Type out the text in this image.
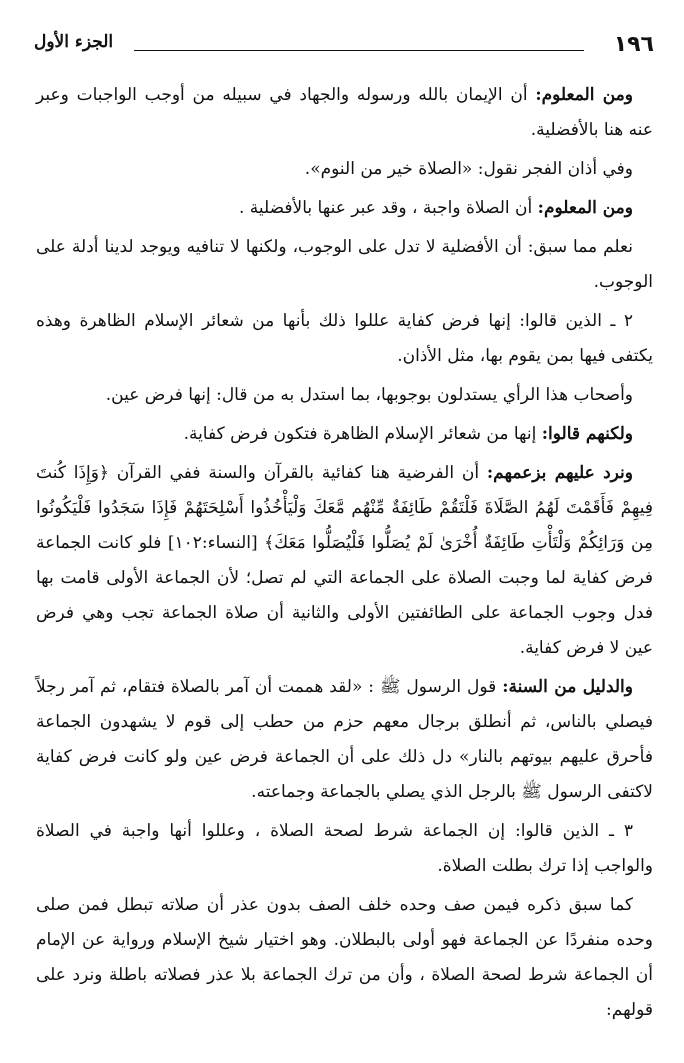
١٩٦
الجزء الأول

ومن المعلوم: أن الإيمان بالله ورسوله والجهاد في سبيله من أوجب الواجبات وعبر عنه هنا بالأفضلية.

وفي أذان الفجر نقول: «الصلاة خير من النوم».

ومن المعلوم: أن الصلاة واجبة ، وقد عبر عنها بالأفضلية .

نعلم مما سبق: أن الأفضلية لا تدل على الوجوب، ولكنها لا تنافيه ويوجد لدينا أدلة على الوجوب.

٢ ـ الذين قالوا: إنها فرض كفاية عللوا ذلك بأنها من شعائر الإسلام الظاهرة وهذه يكتفى فيها بمن يقوم بها، مثل الأذان.

وأصحاب هذا الرأي يستدلون بوجوبها، بما استدل به من قال: إنها فرض عين.

ولكنهم قالوا: إنها من شعائر الإسلام الظاهرة فتكون فرض كفاية.

ونرد عليهم بزعمهم: أن الفرضية هنا كفائية بالقرآن والسنة ففي القرآن ﴿وَإِذَا كُنتَ فِيهِمْ فَأَقَمْتَ لَهُمُ الصَّلَاةَ فَلْتَقُمْ طَائِفَةٌ مِّنْهُم مَّعَكَ وَلْيَأْخُذُوا أَسْلِحَتَهُمْ فَإِذَا سَجَدُوا فَلْيَكُونُوا مِن وَرَائِكُمْ وَلْتَأْتِ طَائِفَةٌ أُخْرَىٰ لَمْ يُصَلُّوا فَلْيُصَلُّوا مَعَكَ﴾ [النساء:١٠٢] فلو كانت الجماعة فرض كفاية لما وجبت الصلاة على الجماعة التي لم تصل؛ لأن الجماعة الأولى قامت بها فدل وجوب الجماعة على الطائفتين الأولى والثانية أن صلاة الجماعة تجب وهي فرض عين لا فرض كفاية.

والدليل من السنة: قول الرسول ﷺ : «لقد هممت أن آمر بالصلاة فتقام، ثم آمر رجلاً فيصلي بالناس، ثم أنطلق برجال معهم حزم من حطب إلى قوم لا يشهدون الجماعة فأحرق عليهم بيوتهم بالنار» دل ذلك على أن الجماعة فرض عين ولو كانت فرض كفاية لاكتفى الرسول ﷺ بالرجل الذي يصلي بالجماعة وجماعته.

٣ ـ الذين قالوا: إن الجماعة شرط لصحة الصلاة ، وعللوا أنها واجبة في الصلاة والواجب إذا ترك بطلت الصلاة.

كما سبق ذكره فيمن صف وحده خلف الصف بدون عذر أن صلاته تبطل فمن صلى وحده منفردًا عن الجماعة فهو أولى بالبطلان. وهو اختيار شيخ الإسلام ورواية عن الإمام أن الجماعة شرط لصحة الصلاة ، وأن من ترك الجماعة بلا عذر فصلاته باطلة ونرد على قولهم:
